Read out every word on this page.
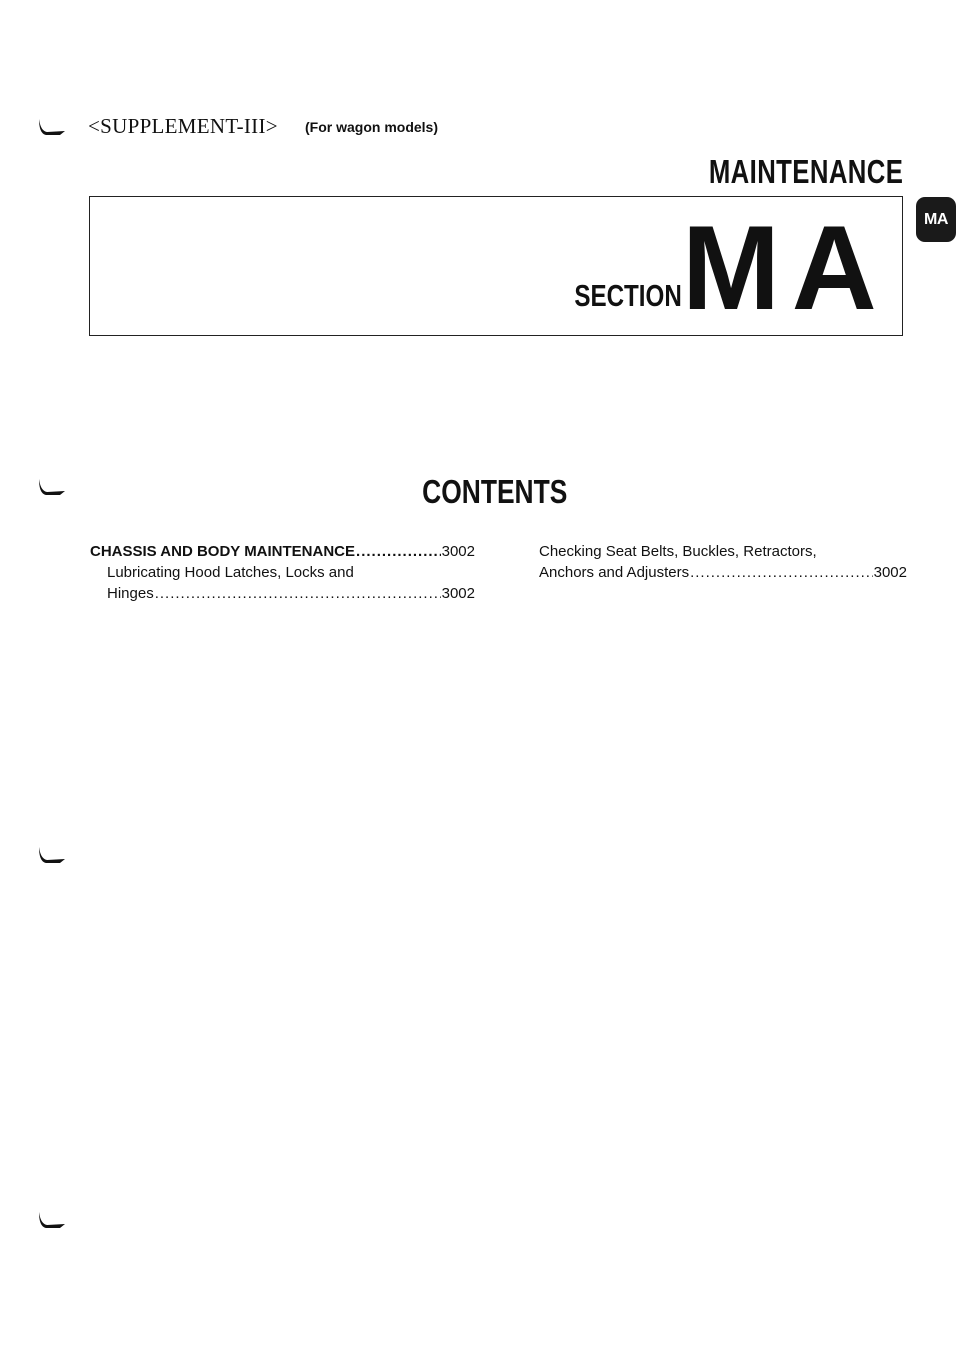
<SUPPLEMENT-III> (For wagon models)
MAINTENANCE
SECTION MA MA
CONTENTS
CHASSIS AND BODY MAINTENANCE .....	3002
Lubricating Hood Latches, Locks and
Hinges .....	3002
Checking Seat Belts, Buckles, Retractors,
Anchors and Adjusters .....	3002
